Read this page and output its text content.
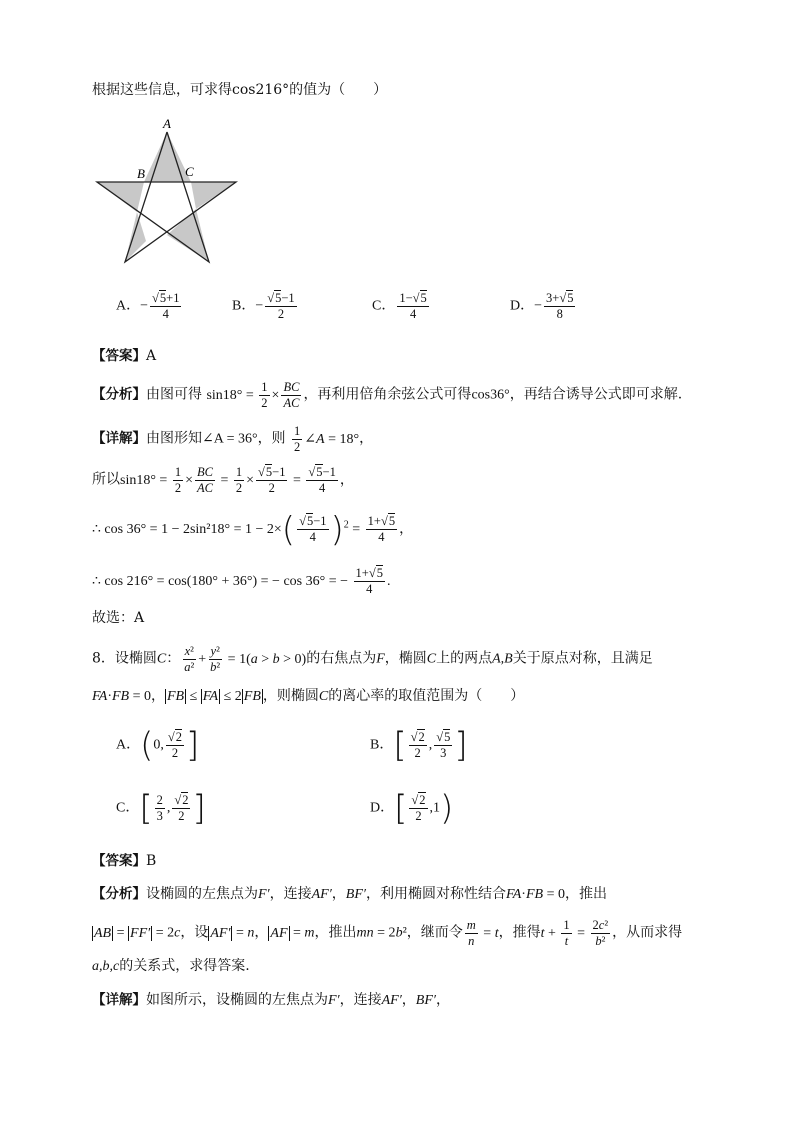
根据这些信息，可求得cos216°的值为（　　）
A
B	C
A．− $\frac{√5+1}{4}$	B．− $\frac{√5-1}{2}$	C． $\frac{1-√5}{4}$	D．− $\frac{3+√5}{8}$
【答案】A
【分析】由图可得 $\sin 18^\circ = \frac{1}{2} \times \frac{BC}{AC}$ ，再利用倍角余弦公式可得cos36°，再结合诱导公式即可求解.
【详解】由图形知∠A = 36°，则 $\frac{1}{2}$ ∠A = 18°，
所以$\sin 18^\circ = \frac{1}{2} \times \frac{BC}{AC} = \frac{1}{2} \times \frac{√5-1}{2} = \frac{√5-1}{4}$ ，
∴ $\cos 36^\circ = 1 - 2\sin^218^\circ = 1 - 2\times( \frac{√5-1}{4} )^2 = \frac{1+√5}{4}$ ，
∴ cos 216° = cos(180° + 36°) = − cos 36° = − $\frac{1+√5}{4}$ .
故选：A
8．设椭圆C： $\frac{\text{x²}}{\text{a²}} + \frac{\text{y²}}{\text{b²}} = 1(a > b > 0)$的右焦点为F，椭圆C上的两点A,B关于原点对称，且满足
FA·FB = 0， FB ≤ FA ≤ 2 FB ，则椭圆C的离心率的取值范围为（　　）
A．(0, $\frac{√2}{2}$ ]	B．[ $\frac{√2}{2}$ , $\frac{√5}{3}$ ]
C．[ $\frac{2}{3}$ , $\frac{√2}{2}$ ]	D．[ $\frac{√2}{2} ,1$)
【答案】B
【分析】设椭圆的左焦点为F′，连接AF′，BF′，利用椭圆对称性结合FA·FB = 0，推出
AB = FF′ = 2c，设 AF′ = n， AF = m，推出mn = 2b²，继而令 $\frac{m}{n} = t$，推得$t + \frac{1}{t} = \frac{\text{2c²}}{\text{b²}}$ ，从而求得
a,b,c的关系式，求得答案.
【详解】如图所示，设椭圆的左焦点为F′，连接AF′，BF′，
